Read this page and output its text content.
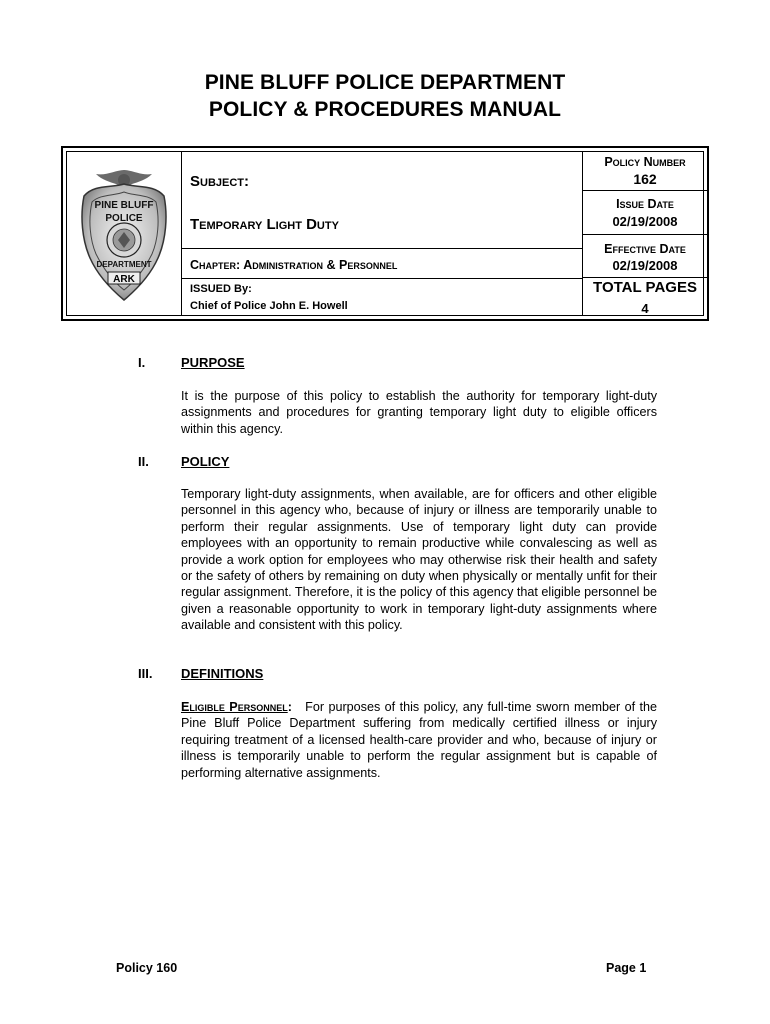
PINE BLUFF POLICE DEPARTMENT
POLICY & PROCEDURES MANUAL
PINE BLUFF
POLICE
DEPARTMENT
ARK
Subject:
Temporary Light Duty
Chapter: Administration & Personnel
ISSUED By:
Chief of Police John E. Howell
Policy Number
162
Issue Date
02/19/2008
Effective Date
02/19/2008
TOTAL PAGES
4
I.	PURPOSE
It is the purpose of this policy to establish the authority for temporary light-duty assignments and procedures for granting temporary light duty to eligible officers within this agency.
II. POLICY
Temporary light-duty assignments, when available, are for officers and other eligible personnel in this agency who, because of injury or illness are temporarily unable to perform their regular assignments. Use of temporary light duty can provide employees with an opportunity to remain productive while convalescing as well as provide a work option for employees who may otherwise risk their health and safety or the safety of others by remaining on duty when physically or mentally unfit for their regular assignment. Therefore, it is the policy of this agency that eligible personnel be given a reasonable opportunity to work in temporary light-duty assignments where available and consistent with this policy.
III. DEFINITIONS
Eligible Personnel: For purposes of this policy, any full-time sworn member of the Pine Bluff Police Department suffering from medically certified illness or injury requiring treatment of a licensed health-care provider and who, because of injury or illness is temporarily unable to perform the regular assignment but is capable of performing alternative assignments.
Policy 160	Page 1
